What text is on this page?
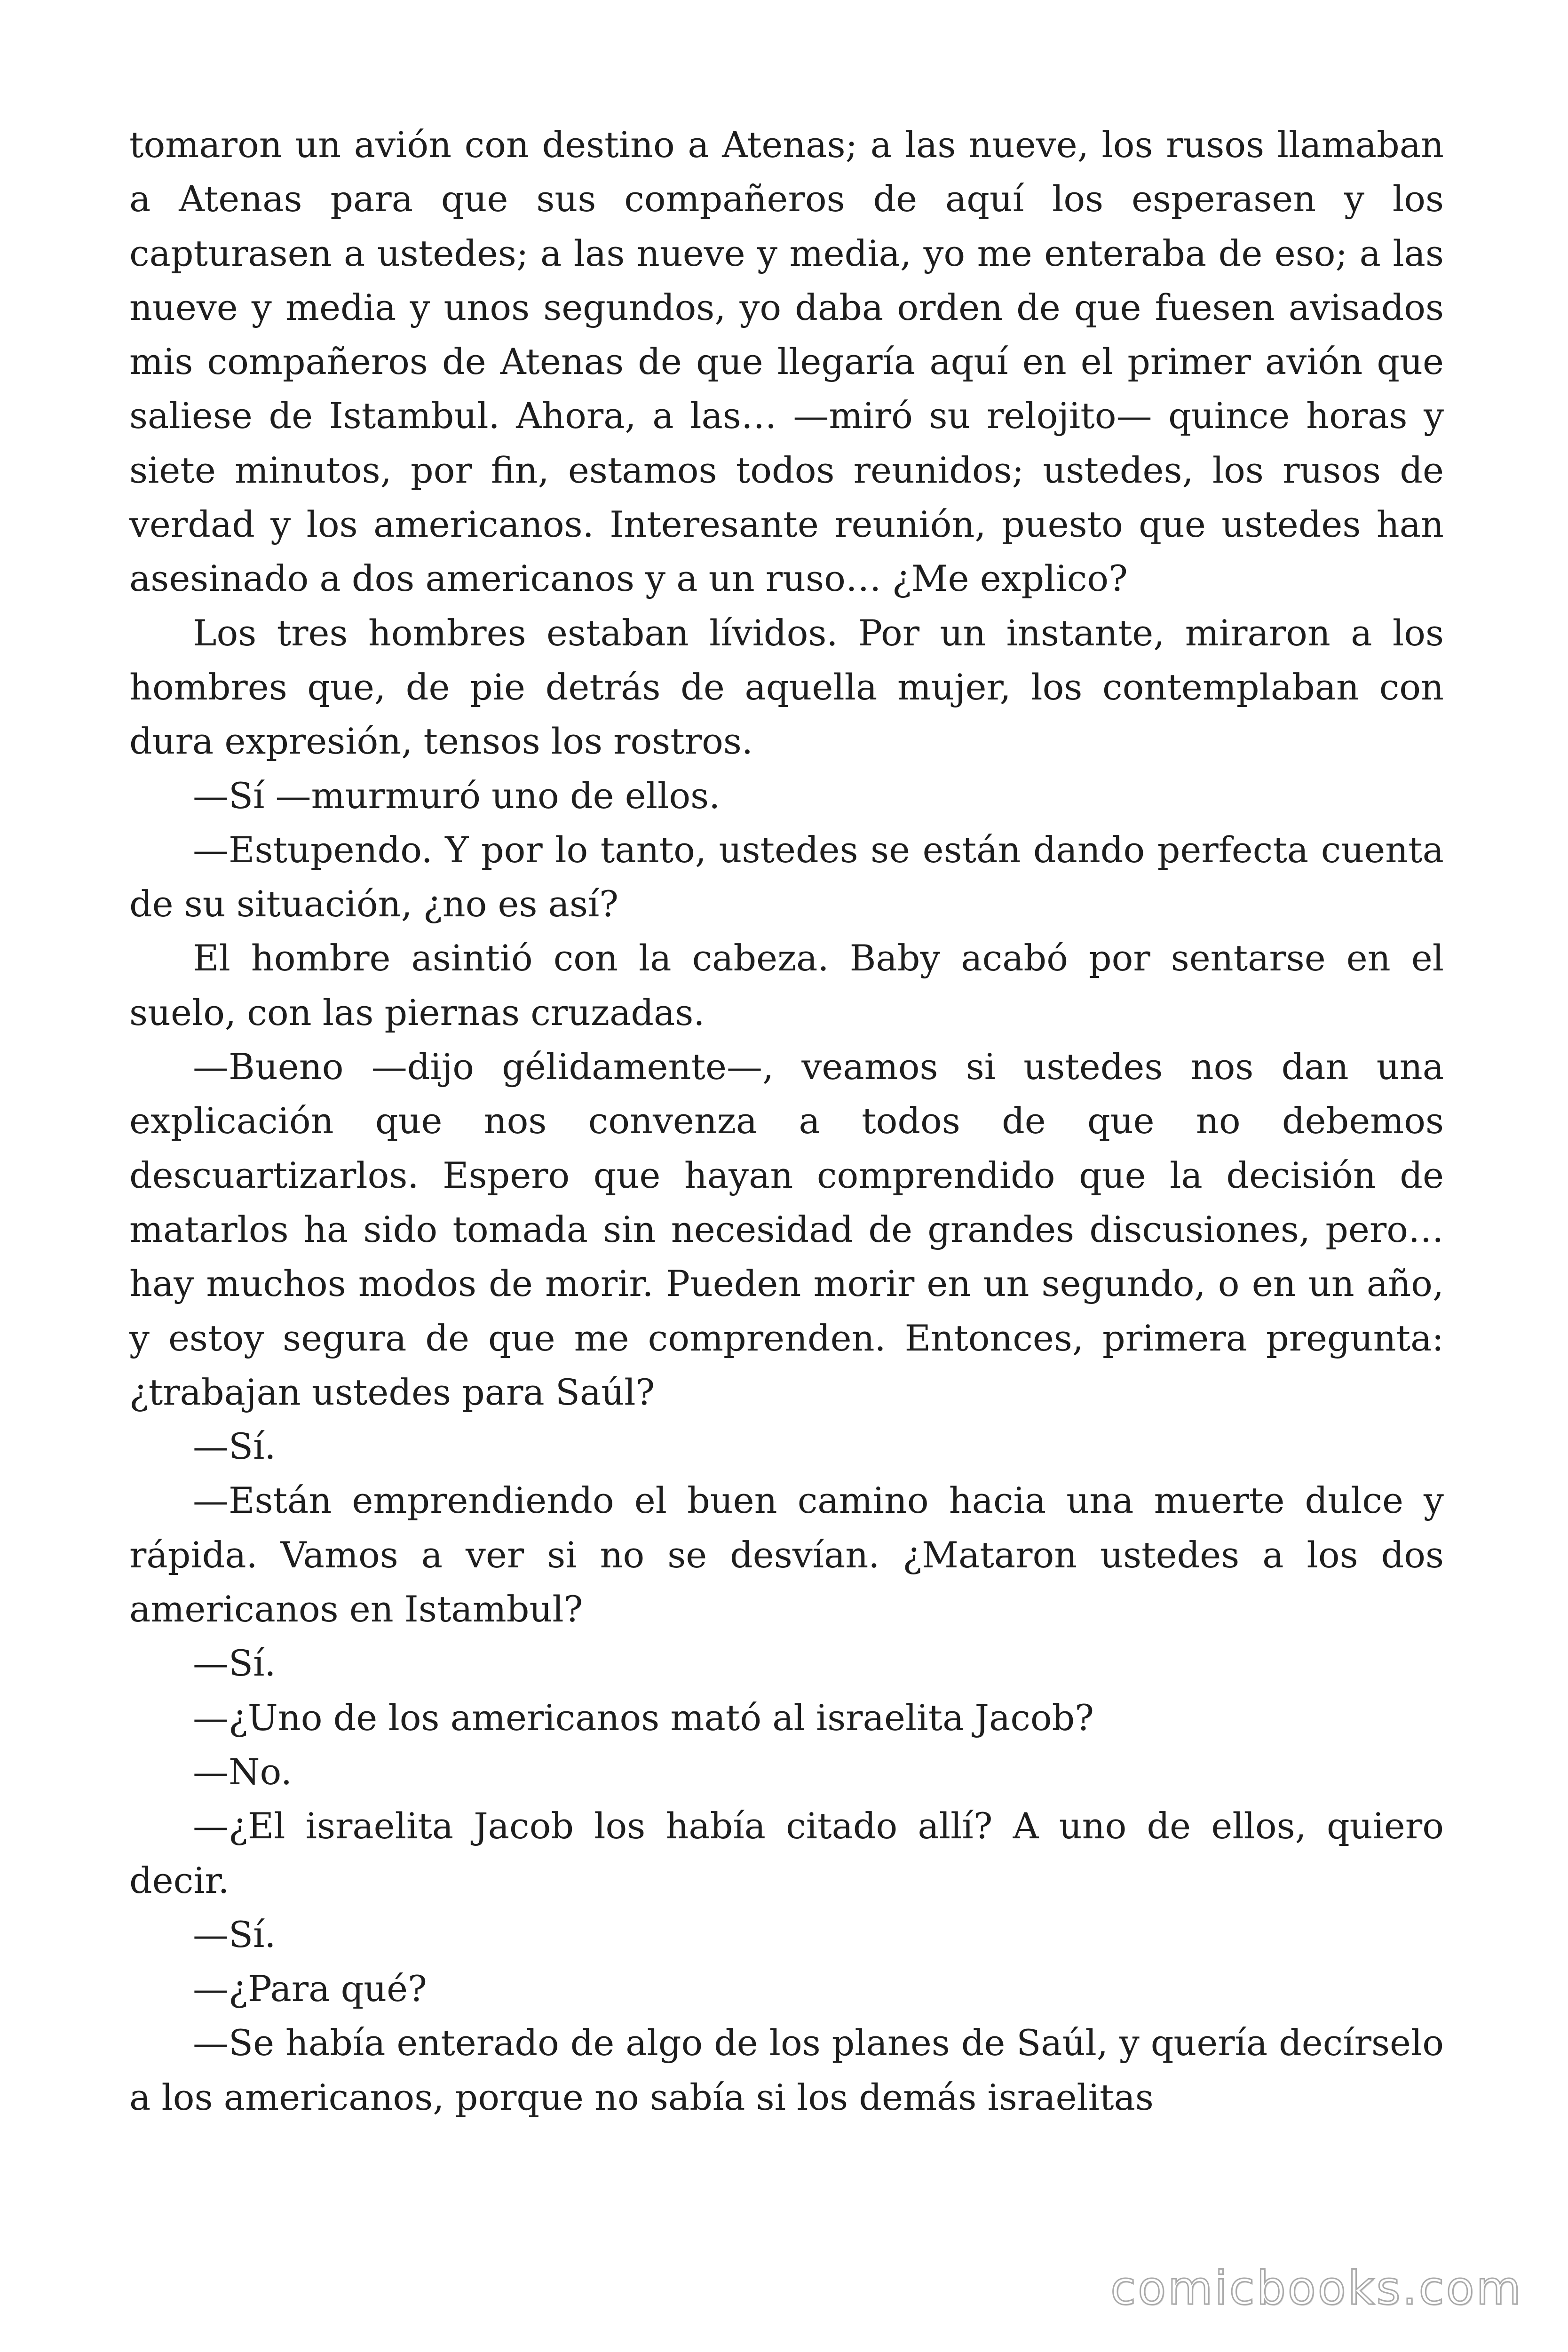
tomaron un avión con destino a Atenas; a las nueve, los rusos llamaban a Atenas para que sus compañeros de aquí los esperasen y los capturasen a ustedes; a las nueve y media, yo me enteraba de eso; a las nueve y media y unos segundos, yo daba orden de que fuesen avisados mis compañeros de Atenas de que llegaría aquí en el primer avión que saliese de Istambul. Ahora, a las… —miró su relojito— quince horas y siete minutos, por fin, estamos todos reunidos; ustedes, los rusos de verdad y los americanos. Interesante reunión, puesto que ustedes han asesinado a dos americanos y a un ruso… ¿Me explico?

Los tres hombres estaban lívidos. Por un instante, miraron a los hombres que, de pie detrás de aquella mujer, los contemplaban con dura expresión, tensos los rostros.

—Sí —murmuró uno de ellos.

—Estupendo. Y por lo tanto, ustedes se están dando perfecta cuenta de su situación, ¿no es así?

El hombre asintió con la cabeza. Baby acabó por sentarse en el suelo, con las piernas cruzadas.

—Bueno —dijo gélidamente—, veamos si ustedes nos dan una explicación que nos convenza a todos de que no debemos descuartizarlos. Espero que hayan comprendido que la decisión de matarlos ha sido tomada sin necesidad de grandes discusiones, pero… hay muchos modos de morir. Pueden morir en un segundo, o en un año, y estoy segura de que me comprenden. Entonces, primera pregunta: ¿trabajan ustedes para Saúl?

—Sí.

—Están emprendiendo el buen camino hacia una muerte dulce y rápida. Vamos a ver si no se desvían. ¿Mataron ustedes a los dos americanos en Istambul?

—Sí.

—¿Uno de los americanos mató al israelita Jacob?

—No.

—¿El israelita Jacob los había citado allí? A uno de ellos, quiero decir.

—Sí.

—¿Para qué?

—Se había enterado de algo de los planes de Saúl, y quería decírselo a los americanos, porque no sabía si los demás israelitas

comicbooks.com
